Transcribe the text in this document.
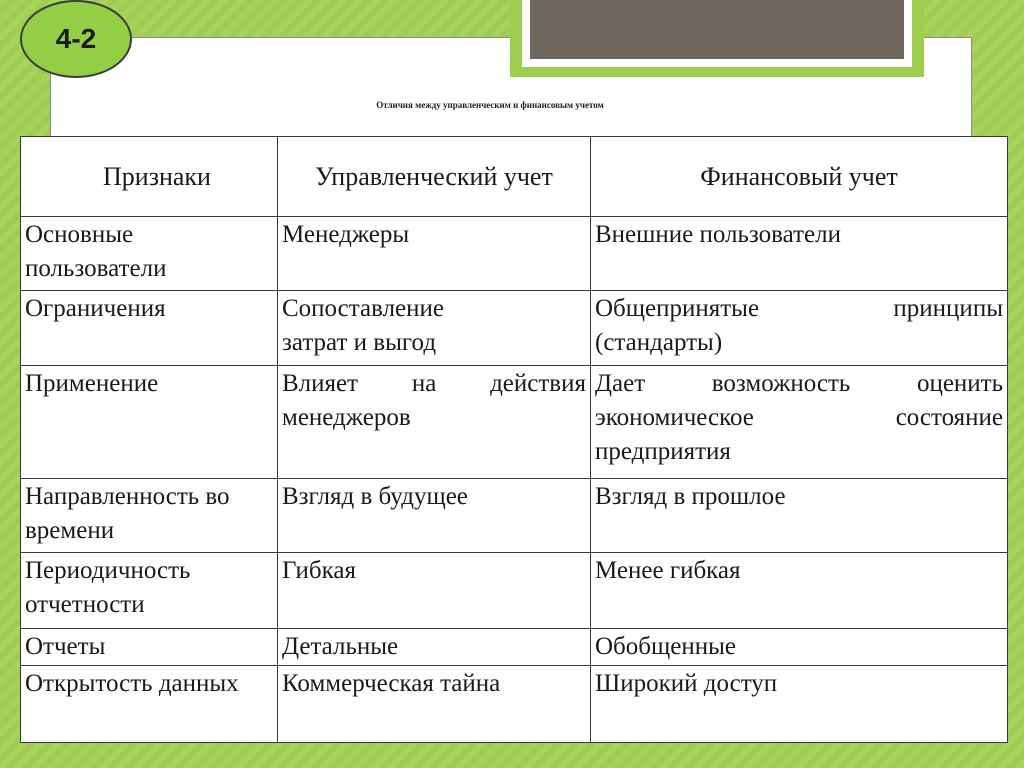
4-2
Отличия между управленческим и финансовым учетом
Признаки	Управленческий учет	Финансовый учет
Основные пользователи	Менеджеры	Внешние пользователи
Ограничения	Сопоставление затрат и выгод	Общепринятые принципы (стандарты)
Применение	Влияет на действия менеджеров	Дает возможность оценить экономическое состояние предприятия
Направленность во времени	Взгляд в будущее	Взгляд в прошлое
Периодичность отчетности	Гибкая	Менее гибкая
Отчеты	Детальные	Обобщенные
Открытость данных	Коммерческая тайна	Широкий доступ
